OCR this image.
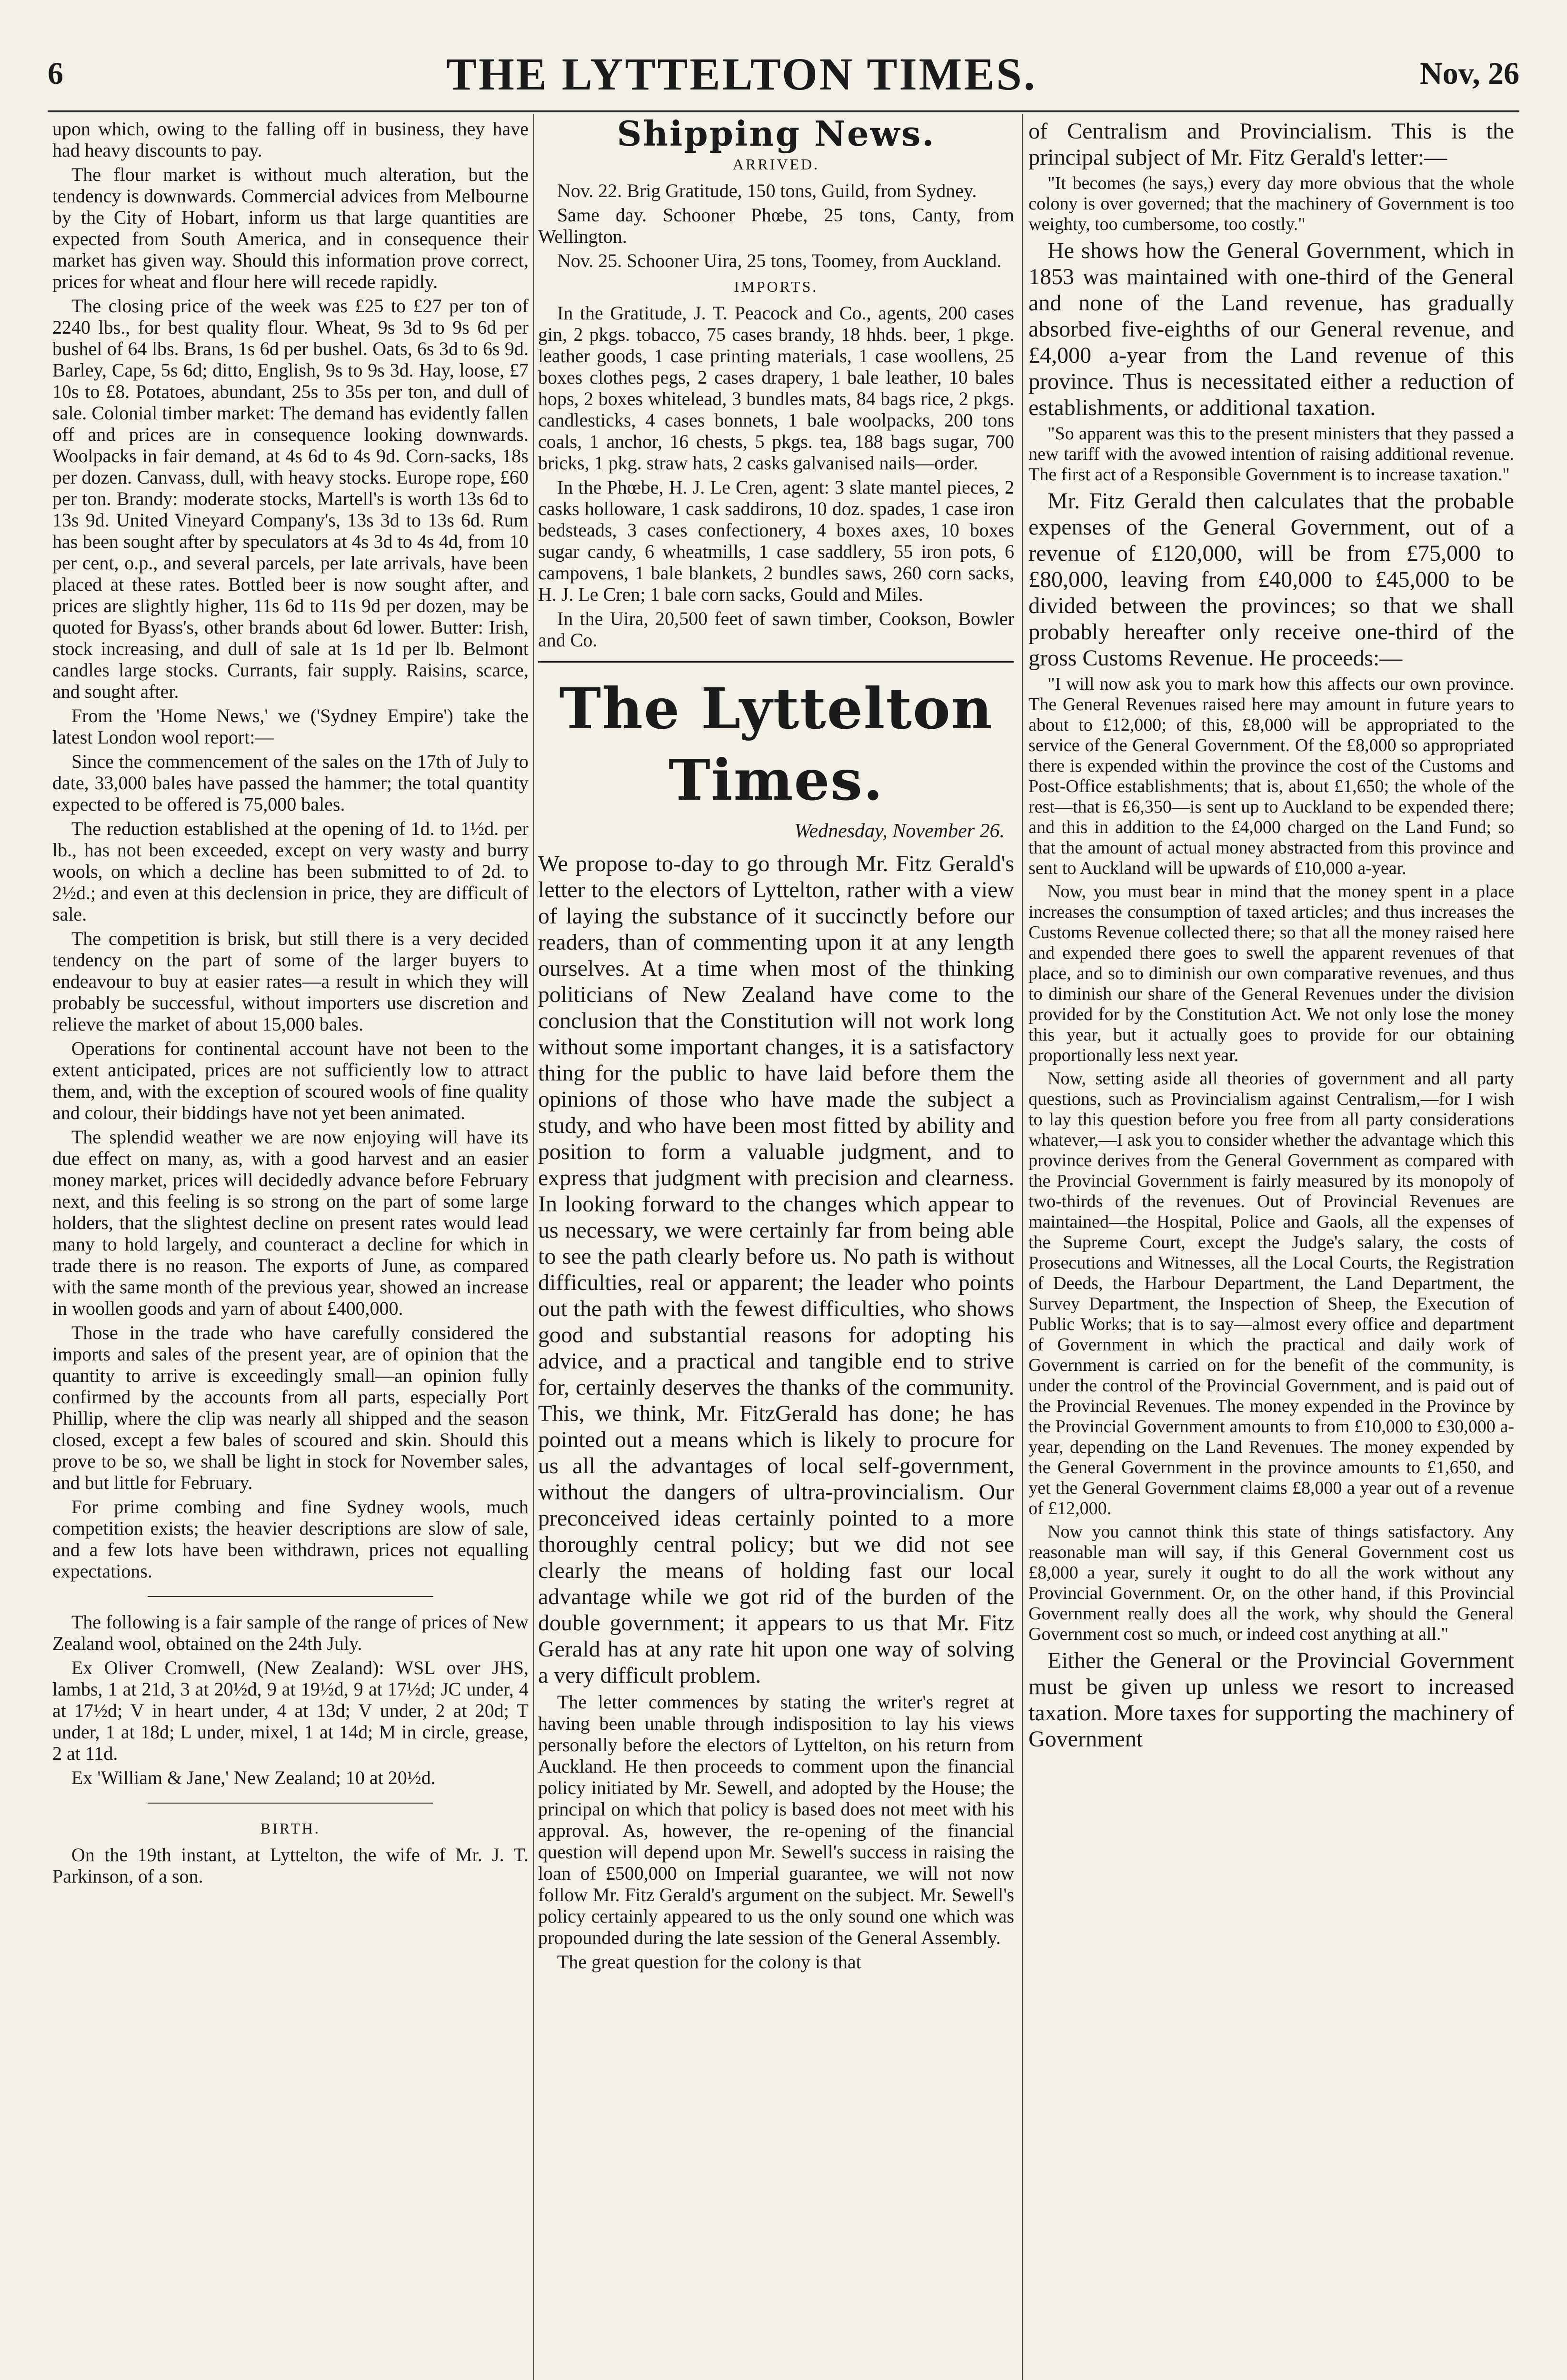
6	THE LYTTELTON TIMES.	Nov, 26

upon which, owing to the falling off in business, they have had heavy discounts to pay.

The flour market is without much alteration, but the tendency is downwards. Commercial advices from Melbourne by the City of Hobart, inform us that large quantities are expected from South America, and in consequence their market has given way. Should this information prove correct, prices for wheat and flour here will recede rapidly.

The closing price of the week was £25 to £27 per ton of 2240 lbs., for best quality flour. Wheat, 9s 3d to 9s 6d per bushel of 64 lbs. Brans, 1s 6d per bushel. Oats, 6s 3d to 6s 9d. Barley, Cape, 5s 6d; ditto, English, 9s to 9s 3d. Hay, loose, £7 10s to £8. Potatoes, abundant, 25s to 35s per ton, and dull of sale. Colonial timber market: The demand has evidently fallen off and prices are in consequence looking downwards. Woolpacks in fair demand, at 4s 6d to 4s 9d. Corn-sacks, 18s per dozen. Canvass, dull, with heavy stocks. Europe rope, £60 per ton. Brandy: moderate stocks, Martell's is worth 13s 6d to 13s 9d. United Vineyard Company's, 13s 3d to 13s 6d. Rum has been sought after by speculators at 4s 3d to 4s 4d, from 10 per cent, o.p., and several parcels, per late arrivals, have been placed at these rates. Bottled beer is now sought after, and prices are slightly higher, 11s 6d to 11s 9d per dozen, may be quoted for Byass's, other brands about 6d lower. Butter: Irish, stock increasing, and dull of sale at 1s 1d per lb. Belmont candles large stocks. Currants, fair supply. Raisins, scarce, and sought after.

From the 'Home News,' we ('Sydney Empire') take the latest London wool report:—

Since the commencement of the sales on the 17th of July to date, 33,000 bales have passed the hammer; the total quantity expected to be offered is 75,000 bales.

The reduction established at the opening of 1d. to 1½d. per lb., has not been exceeded, except on very wasty and burry wools, on which a decline has been submitted to of 2d. to 2½d.; and even at this declension in price, they are difficult of sale.

The competition is brisk, but still there is a very decided tendency on the part of some of the larger buyers to endeavour to buy at easier rates—a result in which they will probably be successful, without importers use discretion and relieve the market of about 15,000 bales.

Operations for continental account have not been to the extent anticipated, prices are not sufficiently low to attract them, and, with the exception of scoured wools of fine quality and colour, their biddings have not yet been animated.

The splendid weather we are now enjoying will have its due effect on many, as, with a good harvest and an easier money market, prices will decidedly advance before February next, and this feeling is so strong on the part of some large holders, that the slightest decline on present rates would lead many to hold largely, and counteract a decline for which in trade there is no reason. The exports of June, as compared with the same month of the previous year, showed an increase in woollen goods and yarn of about £400,000.

Those in the trade who have carefully considered the imports and sales of the present year, are of opinion that the quantity to arrive is exceedingly small—an opinion fully confirmed by the accounts from all parts, especially Port Phillip, where the clip was nearly all shipped and the season closed, except a few bales of scoured and skin. Should this prove to be so, we shall be light in stock for November sales, and but little for February.

For prime combing and fine Sydney wools, much competition exists; the heavier descriptions are slow of sale, and a few lots have been withdrawn, prices not equalling expectations.

The following is a fair sample of the range of prices of New Zealand wool, obtained on the 24th July.

Ex Oliver Cromwell, (New Zealand): WSL over JHS, lambs, 1 at 21d, 3 at 20½d, 9 at 19½d, 9 at 17½d; JC under, 4 at 17½d; V in heart under, 4 at 13d; V under, 2 at 20d; T under, 1 at 18d; L under, mixel, 1 at 14d; M in circle, grease, 2 at 11d.

Ex 'William & Jane,' New Zealand; 10 at 20½d.

BIRTH.

On the 19th instant, at Lyttelton, the wife of Mr. J. T. Parkinson, of a son.

Shipping News.
ARRIVED.

Nov. 22. Brig Gratitude, 150 tons, Guild, from Sydney.

Same day. Schooner Phœbe, 25 tons, Canty, from Wellington.

Nov. 25. Schooner Uira, 25 tons, Toomey, from Auckland.

IMPORTS.

In the Gratitude, J. T. Peacock and Co., agents, 200 cases gin, 2 pkgs. tobacco, 75 cases brandy, 18 hhds. beer, 1 pkge. leather goods, 1 case printing materials, 1 case woollens, 25 boxes clothes pegs, 2 cases drapery, 1 bale leather, 10 bales hops, 2 boxes whitelead, 3 bundles mats, 84 bags rice, 2 pkgs. candlesticks, 4 cases bonnets, 1 bale woolpacks, 200 tons coals, 1 anchor, 16 chests, 5 pkgs. tea, 188 bags sugar, 700 bricks, 1 pkg. straw hats, 2 casks galvanised nails—order.

In the Phœbe, H. J. Le Cren, agent: 3 slate mantel pieces, 2 casks holloware, 1 cask saddirons, 10 doz. spades, 1 case iron bedsteads, 3 cases confectionery, 4 boxes axes, 10 boxes sugar candy, 6 wheatmills, 1 case saddlery, 55 iron pots, 6 campovens, 1 bale blankets, 2 bundles saws, 260 corn sacks, H. J. Le Cren; 1 bale corn sacks, Gould and Miles.

In the Uira, 20,500 feet of sawn timber, Cookson, Bowler and Co.

The Lyttelton Times.
Wednesday, November 26.

We propose to-day to go through Mr. Fitz Gerald's letter to the electors of Lyttelton, rather with a view of laying the substance of it succinctly before our readers, than of commenting upon it at any length ourselves. At a time when most of the thinking politicians of New Zealand have come to the conclusion that the Constitution will not work long without some important changes, it is a satisfactory thing for the public to have laid before them the opinions of those who have made the subject a study, and who have been most fitted by ability and position to form a valuable judgment, and to express that judgment with precision and clearness. In looking forward to the changes which appear to us necessary, we were certainly far from being able to see the path clearly before us. No path is without difficulties, real or apparent; the leader who points out the path with the fewest difficulties, who shows good and substantial reasons for adopting his advice, and a practical and tangible end to strive for, certainly deserves the thanks of the community. This, we think, Mr. FitzGerald has done; he has pointed out a means which is likely to procure for us all the advantages of local self-government, without the dangers of ultra-provincialism. Our preconceived ideas certainly pointed to a more thoroughly central policy; but we did not see clearly the means of holding fast our local advantage while we got rid of the burden of the double government; it appears to us that Mr. Fitz Gerald has at any rate hit upon one way of solving a very difficult problem.

The letter commences by stating the writer's regret at having been unable through indisposition to lay his views personally before the electors of Lyttelton, on his return from Auckland. He then proceeds to comment upon the financial policy initiated by Mr. Sewell, and adopted by the House; the principal on which that policy is based does not meet with his approval. As, however, the re-opening of the financial question will depend upon Mr. Sewell's success in raising the loan of £500,000 on Imperial guarantee, we will not now follow Mr. Fitz Gerald's argument on the subject. Mr. Sewell's policy certainly appeared to us the only sound one which was propounded during the late session of the General Assembly.

The great question for the colony is that

of Centralism and Provincialism. This is the principal subject of Mr. Fitz Gerald's letter:—

"It becomes (he says,) every day more obvious that the whole colony is over governed; that the machinery of Government is too weighty, too cumbersome, too costly."

He shows how the General Government, which in 1853 was maintained with one-third of the General and none of the Land revenue, has gradually absorbed five-eighths of our General revenue, and £4,000 a-year from the Land revenue of this province. Thus is necessitated either a reduction of establishments, or additional taxation.

"So apparent was this to the present ministers that they passed a new tariff with the avowed intention of raising additional revenue. The first act of a Responsible Government is to increase taxation."

Mr. Fitz Gerald then calculates that the probable expenses of the General Government, out of a revenue of £120,000, will be from £75,000 to £80,000, leaving from £40,000 to £45,000 to be divided between the provinces; so that we shall probably hereafter only receive one-third of the gross Customs Revenue. He proceeds:—

"I will now ask you to mark how this affects our own province. The General Revenues raised here may amount in future years to about to £12,000; of this, £8,000 will be appropriated to the service of the General Government. Of the £8,000 so appropriated there is expended within the province the cost of the Customs and Post-Office establishments; that is, about £1,650; the whole of the rest—that is £6,350—is sent up to Auckland to be expended there; and this in addition to the £4,000 charged on the Land Fund; so that the amount of actual money abstracted from this province and sent to Auckland will be upwards of £10,000 a-year.

Now, you must bear in mind that the money spent in a place increases the consumption of taxed articles; and thus increases the Customs Revenue collected there; so that all the money raised here and expended there goes to swell the apparent revenues of that place, and so to diminish our own comparative revenues, and thus to diminish our share of the General Revenues under the division provided for by the Constitution Act. We not only lose the money this year, but it actually goes to provide for our obtaining proportionally less next year.

Now, setting aside all theories of government and all party questions, such as Provincialism against Centralism,—for I wish to lay this question before you free from all party considerations whatever,—I ask you to consider whether the advantage which this province derives from the General Government as compared with the Provincial Government is fairly measured by its monopoly of two-thirds of the revenues. Out of Provincial Revenues are maintained—the Hospital, Police and Gaols, all the expenses of the Supreme Court, except the Judge's salary, the costs of Prosecutions and Witnesses, all the Local Courts, the Registration of Deeds, the Harbour Department, the Land Department, the Survey Department, the Inspection of Sheep, the Execution of Public Works; that is to say—almost every office and department of Government in which the practical and daily work of Government is carried on for the benefit of the community, is under the control of the Provincial Government, and is paid out of the Provincial Revenues. The money expended in the Province by the Provincial Government amounts to from £10,000 to £30,000 a-year, depending on the Land Revenues. The money expended by the General Government in the province amounts to £1,650, and yet the General Government claims £8,000 a year out of a revenue of £12,000.

Now you cannot think this state of things satisfactory. Any reasonable man will say, if this General Government cost us £8,000 a year, surely it ought to do all the work without any Provincial Government. Or, on the other hand, if this Provincial Government really does all the work, why should the General Government cost so much, or indeed cost anything at all."

Either the General or the Provincial Government must be given up unless we resort to increased taxation. More taxes for supporting the machinery of Government
